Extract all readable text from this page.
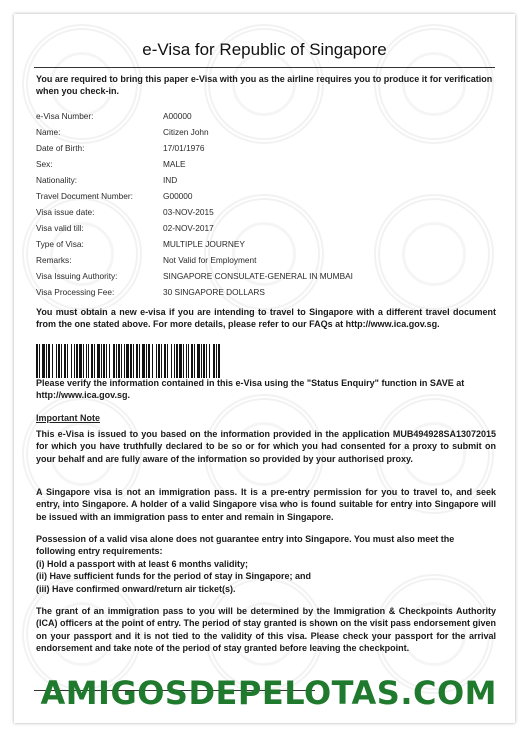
e-Visa for Republic of Singapore
You are required to bring this paper e-Visa with you as the airline requires you to produce it for verification when you check-in.
e-Visa Number:	A00000
Name:	Citizen John
Date of Birth:	17/01/1976
Sex:	MALE
Nationality:	IND
Travel Document Number:	G00000
Visa issue date:	03-NOV-2015
Visa valid till:	02-NOV-2017
Type of Visa:	MULTIPLE JOURNEY
Remarks:	Not Valid for Employment
Visa Issuing Authority:	SINGAPORE CONSULATE-GENERAL IN MUMBAI
Visa Processing Fee:	30 SINGAPORE DOLLARS
You must obtain a new e-visa if you are intending to travel to Singapore with a different travel document from the one stated above. For more details, please refer to our FAQs at http://www.ica.gov.sg.
Please verify the information contained in this e-Visa using the "Status Enquiry" function in SAVE at http://www.ica.gov.sg.
Important Note
This e-Visa is issued to you based on the information provided in the application MUB494928SA13072015 for which you have truthfully declared to be so or for which you had consented for a proxy to submit on your behalf and are fully aware of the information so provided by your authorised proxy.
A Singapore visa is not an immigration pass. It is a pre-entry permission for you to travel to, and seek entry, into Singapore. A holder of a valid Singapore visa who is found suitable for entry into Singapore will be issued with an immigration pass to enter and remain in Singapore.
Possession of a valid visa alone does not guarantee entry into Singapore. You must also meet the following entry requirements:
(i) Hold a passport with at least 6 months validity;
(ii) Have sufficient funds for the period of stay in Singapore; and
(iii) Have confirmed onward/return air ticket(s).
The grant of an immigration pass to you will be determined by the Immigration & Checkpoints Authority (ICA) officers at the point of entry. The period of stay granted is shown on the visit pass endorsement given on your passport and it is not tied to the validity of this visa. Please check your passport for the arrival endorsement and take note of the period of stay granted before leaving the checkpoint.
AMIGOSDEPELOTAS.COM
